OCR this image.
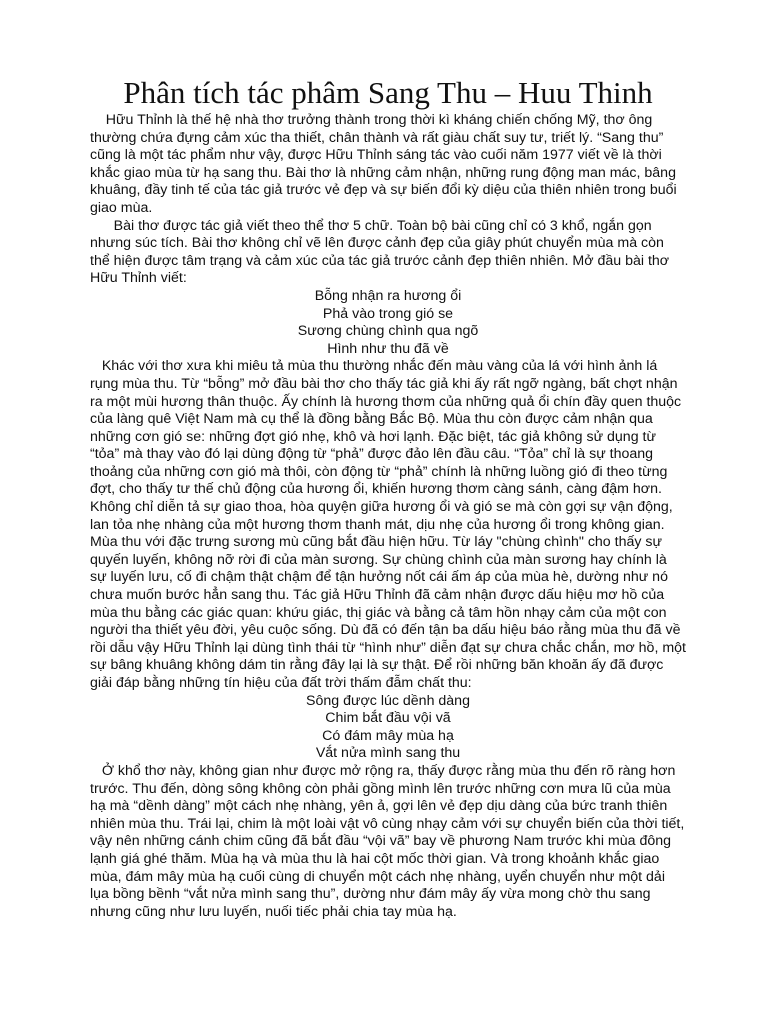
Phân tích tác phâm Sang Thu – Huu Thinh

Hữu Thỉnh là thế hệ nhà thơ trưởng thành trong thời kì kháng chiến chống Mỹ, thơ ông thường chứa đựng cảm xúc tha thiết, chân thành và rất giàu chất suy tư, triết lý. “Sang thu” cũng là một tác phẩm như vậy, được Hữu Thỉnh sáng tác vào cuối năm 1977 viết về là thời khắc giao mùa từ hạ sang thu. Bài thơ là những cảm nhận, những rung động man mác, bâng khuâng, đầy tinh tế của tác giả trước vẻ đẹp và sự biến đổi kỳ diệu của thiên nhiên trong buổi giao mùa.

Bài thơ được tác giả viết theo thể thơ 5 chữ. Toàn bộ bài cũng chỉ có 3 khổ, ngắn gọn nhưng súc tích. Bài thơ không chỉ vẽ lên được cảnh đẹp của giây phút chuyển mùa mà còn thể hiện được tâm trạng và cảm xúc của tác giả trước cảnh đẹp thiên nhiên. Mở đầu bài thơ Hữu Thỉnh viết:

Bỗng nhận ra hương ổi
Phả vào trong gió se
Sương chùng chình qua ngõ
Hình như thu đã về

Khác với thơ xưa khi miêu tả mùa thu thường nhắc đến màu vàng của lá với hình ảnh lá rụng mùa thu. Từ “bỗng” mở đầu bài thơ cho thấy tác giả khi ấy rất ngỡ ngàng, bất chợt nhận ra một mùi hương thân thuộc. Ấy chính là hương thơm của những quả ổi chín đầy quen thuộc của làng quê Việt Nam mà cụ thể là đồng bằng Bắc Bộ. Mùa thu còn được cảm nhận qua những cơn gió se: những đợt gió nhẹ, khô và hơi lạnh. Đặc biệt, tác giả không sử dụng từ “tỏa” mà thay vào đó lại dùng động từ “phả” được đảo lên đầu câu. “Tỏa” chỉ là sự thoang thoảng của những cơn gió mà thôi, còn động từ “phả” chính là những luồng gió đi theo từng đợt, cho thấy tư thế chủ động của hương ổi, khiến hương thơm càng sánh, càng đậm hơn. Không chỉ diễn tả sự giao thoa, hòa quyện giữa hương ổi và gió se mà còn gợi sự vận động, lan tỏa nhẹ nhàng của một hương thơm thanh mát, dịu nhẹ của hương ổi trong không gian. Mùa thu với đặc trưng sương mù cũng bắt đầu hiện hữu. Từ láy "chùng chình" cho thấy sự quyến luyến, không nỡ rời đi của màn sương. Sự chùng chình của màn sương hay chính là sự luyến lưu, cố đi chậm thật chậm để tận hưởng nốt cái ấm áp của mùa hè, dường như nó chưa muốn bước hẳn sang thu. Tác giả Hữu Thỉnh đã cảm nhận được dấu hiệu mơ hồ của mùa thu bằng các giác quan: khứu giác, thị giác và bằng cả tâm hồn nhạy cảm của một con người tha thiết yêu đời, yêu cuộc sống. Dù đã có đến tận ba dấu hiệu báo rằng mùa thu đã về rồi dẫu vậy Hữu Thỉnh lại dùng tình thái từ “hình như” diễn đạt sự chưa chắc chắn, mơ hồ, một sự bâng khuâng không dám tin rằng đây lại là sự thật. Để rồi những băn khoăn ấy đã được giải đáp bằng những tín hiệu của đất trời thấm đẫm chất thu:

Sông được lúc dềnh dàng
Chim bắt đầu vội vã
Có đám mây mùa hạ
Vắt nửa mình sang thu

Ở khổ thơ này, không gian như được mở rộng ra, thấy được rằng mùa thu đến rõ ràng hơn trước. Thu đến, dòng sông không còn phải gồng mình lên trước những cơn mưa lũ của mùa hạ mà “dềnh dàng” một cách nhẹ nhàng, yên ả, gợi lên vẻ đẹp dịu dàng của bức tranh thiên nhiên mùa thu. Trái lại, chim là một loài vật vô cùng nhạy cảm với sự chuyển biến của thời tiết, vậy nên những cánh chim cũng đã bắt đầu “vội vã” bay về phương Nam trước khi mùa đông lạnh giá ghé thăm. Mùa hạ và mùa thu là hai cột mốc thời gian. Và trong khoảnh khắc giao mùa, đám mây mùa hạ cuối cùng di chuyển một cách nhẹ nhàng, uyển chuyển như một dải lụa bồng bềnh “vắt nửa mình sang thu”, dường như đám mây ấy vừa mong chờ thu sang nhưng cũng như lưu luyến, nuối tiếc phải chia tay mùa hạ.
